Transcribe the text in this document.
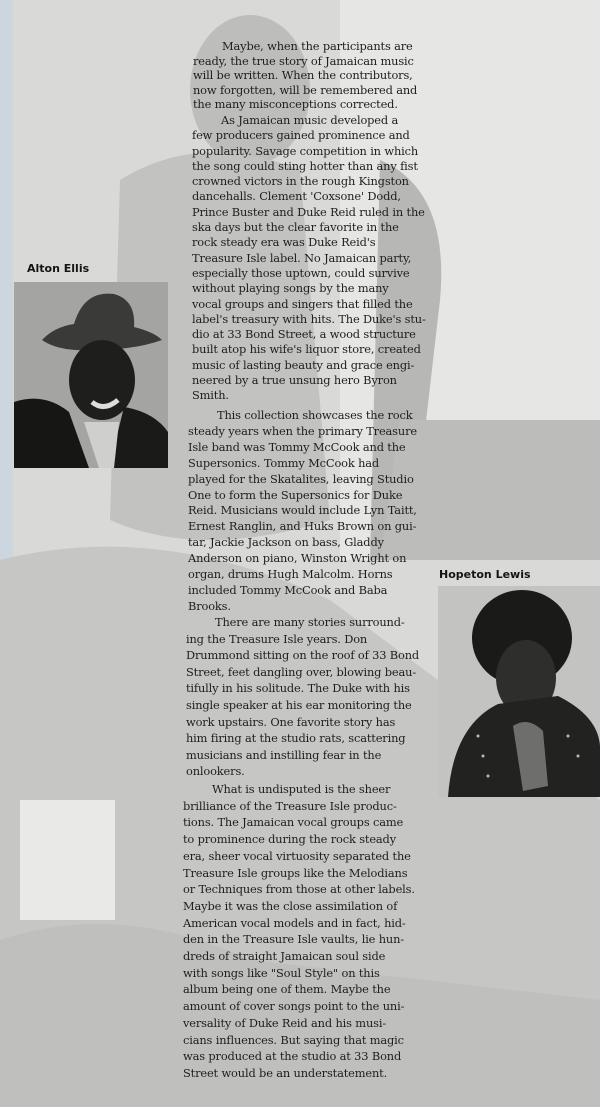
Maybe, when the participants are
ready, the true story of Jamaican music
will be written. When the contributors,
now forgotten, will be remembered and
the many misconceptions corrected.
As Jamaican music developed a
few producers gained prominence and
popularity. Savage competition in which
the song could sting hotter than any fist
crowned victors in the rough Kingston
dancehalls. Clement 'Coxsone' Dodd,
Prince Buster and Duke Reid ruled in the
ska days but the clear favorite in the
rock steady era was Duke Reid's
Treasure Isle label. No Jamaican party,
especially those uptown, could survive
without playing songs by the many
vocal groups and singers that filled the
label's treasury with hits. The Duke's stu-
dio at 33 Bond Street, a wood structure
built atop his wife's liquor store, created
music of lasting beauty and grace engi-
neered by a true unsung hero Byron
Smith.
This collection showcases the rock
steady years when the primary Treasure
Isle band was Tommy McCook and the
Supersonics. Tommy McCook had
played for the Skatalites, leaving Studio
One to form the Supersonics for Duke
Reid. Musicians would include Lyn Taitt,
Ernest Ranglin, and Huks Brown on gui-
tar, Jackie Jackson on bass, Gladdy
Anderson on piano, Winston Wright on
organ, drums Hugh Malcolm. Horns
included Tommy McCook and Baba
Brooks.
There are many stories surround-
ing the Treasure Isle years. Don
Drummond sitting on the roof of 33 Bond
Street, feet dangling over, blowing beau-
tifully in his solitude. The Duke with his
single speaker at his ear monitoring the
work upstairs. One favorite story has
him firing at the studio rats, scattering
musicians and instilling fear in the
onlookers.
What is undisputed is the sheer
brilliance of the Treasure Isle produc-
tions. The Jamaican vocal groups came
to prominence during the rock steady
era, sheer vocal virtuosity separated the
Treasure Isle groups like the Melodians
or Techniques from those at other labels.
Maybe it was the close assimilation of
American vocal models and in fact, hid-
den in the Treasure Isle vaults, lie hun-
dreds of straight Jamaican soul side
with songs like "Soul Style" on this
album being one of them. Maybe the
amount of cover songs point to the uni-
versality of Duke Reid and his musi-
cians influences. But saying that magic
was produced at the studio at 33 Bond
Street would be an understatement.
Alton Ellis
Hopeton Lewis
